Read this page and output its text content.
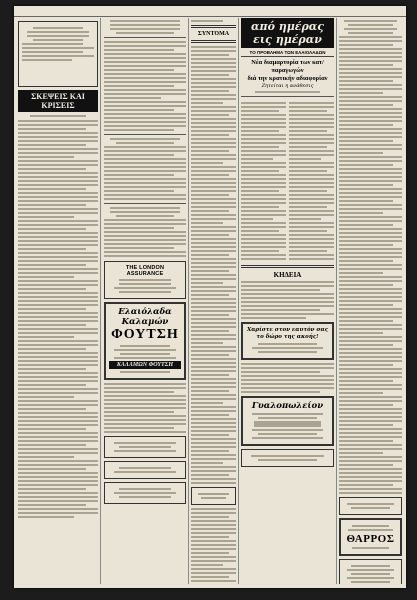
ΣΚΕΨΕΙΣ ΚΑΙ ΚΡΙΣΕΙΣ
THE LONDON ASSURANCE
Ελαιόλαδα Καλαμών
ΦΟΥΤΣΗ
ΚΑΛΑΜΩΝ ΦΟΥΤΣΗ
ΣΥΝΤΟΜΑ
από ημέρας εις ημέραν
ΤΟ ΠΡΟΒΛΗΜΑ ΤΩΝ ΕΛΑΙΟΛΑΔΩΝ
Νέα διαμαρτυρία των κατ/παραγωγών
διά την κρατικήν αδιαφορίαν
Ζητείται η ανάθεσις
ΚΗΔΕΙΑ
Χαρίστε στον εαυτόν σας το δώρο της ακοής!
Γυαλοπωλείον
ΘΑΡΡΟΣ
